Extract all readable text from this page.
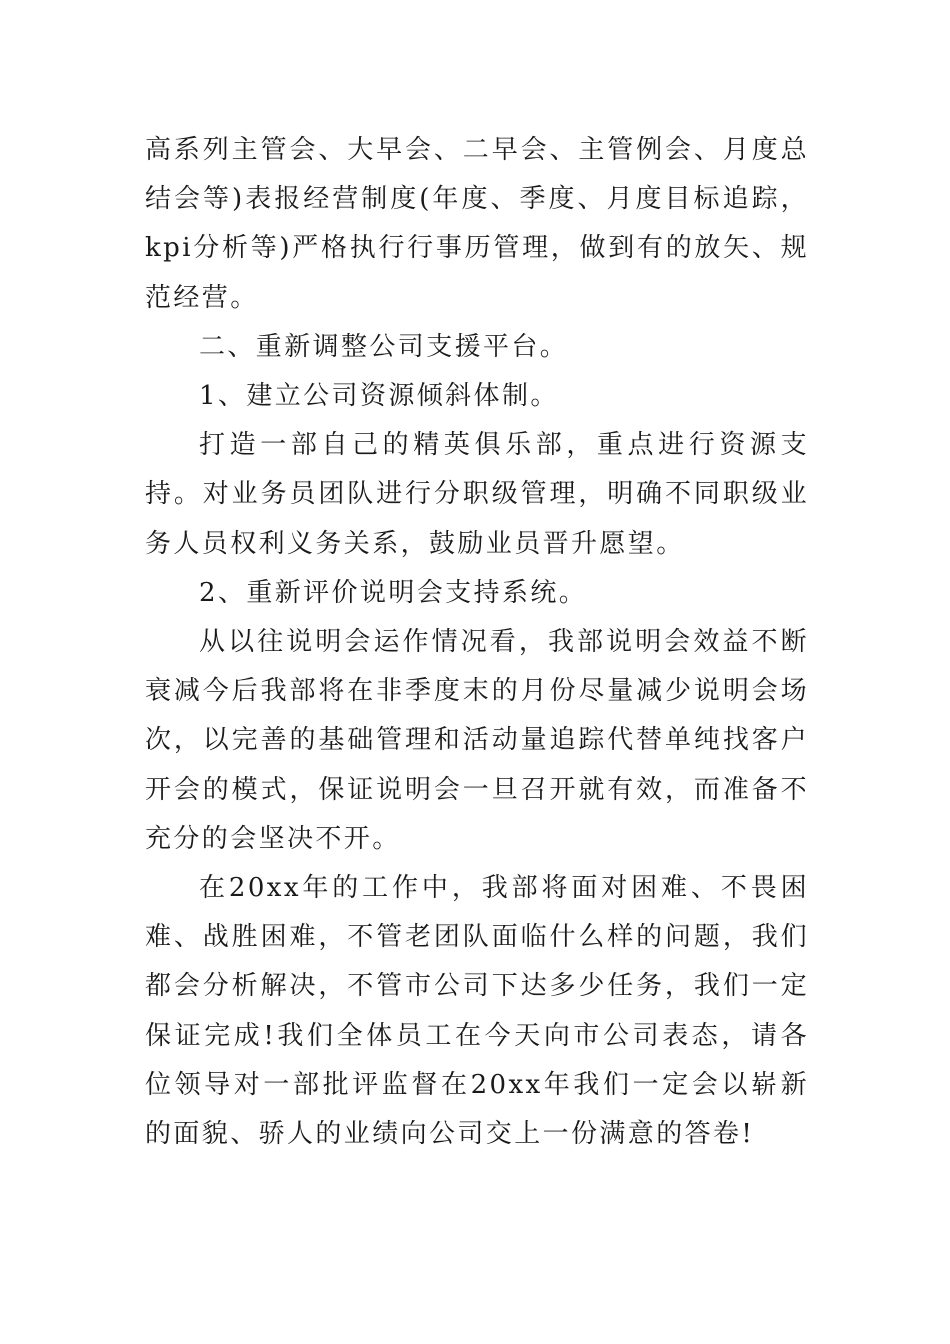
高系列主管会、大早会、二早会、主管例会、月度总结会等)表报经营制度(年度、季度、月度目标追踪，kpi分析等)严格执行行事历管理，做到有的放矢、规范经营。

二、重新调整公司支援平台。

1、建立公司资源倾斜体制。

打造一部自己的精英俱乐部，重点进行资源支持。对业务员团队进行分职级管理，明确不同职级业务人员权利义务关系，鼓励业员晋升愿望。

2、重新评价说明会支持系统。

从以往说明会运作情况看，我部说明会效益不断衰减今后我部将在非季度末的月份尽量减少说明会场次，以完善的基础管理和活动量追踪代替单纯找客户开会的模式，保证说明会一旦召开就有效，而准备不充分的会坚决不开。

在20xx年的工作中，我部将面对困难、不畏困难、战胜困难，不管老团队面临什么样的问题，我们都会分析解决，不管市公司下达多少任务，我们一定保证完成!我们全体员工在今天向市公司表态，请各位领导对一部批评监督在20xx年我们一定会以崭新的面貌、骄人的业绩向公司交上一份满意的答卷!
